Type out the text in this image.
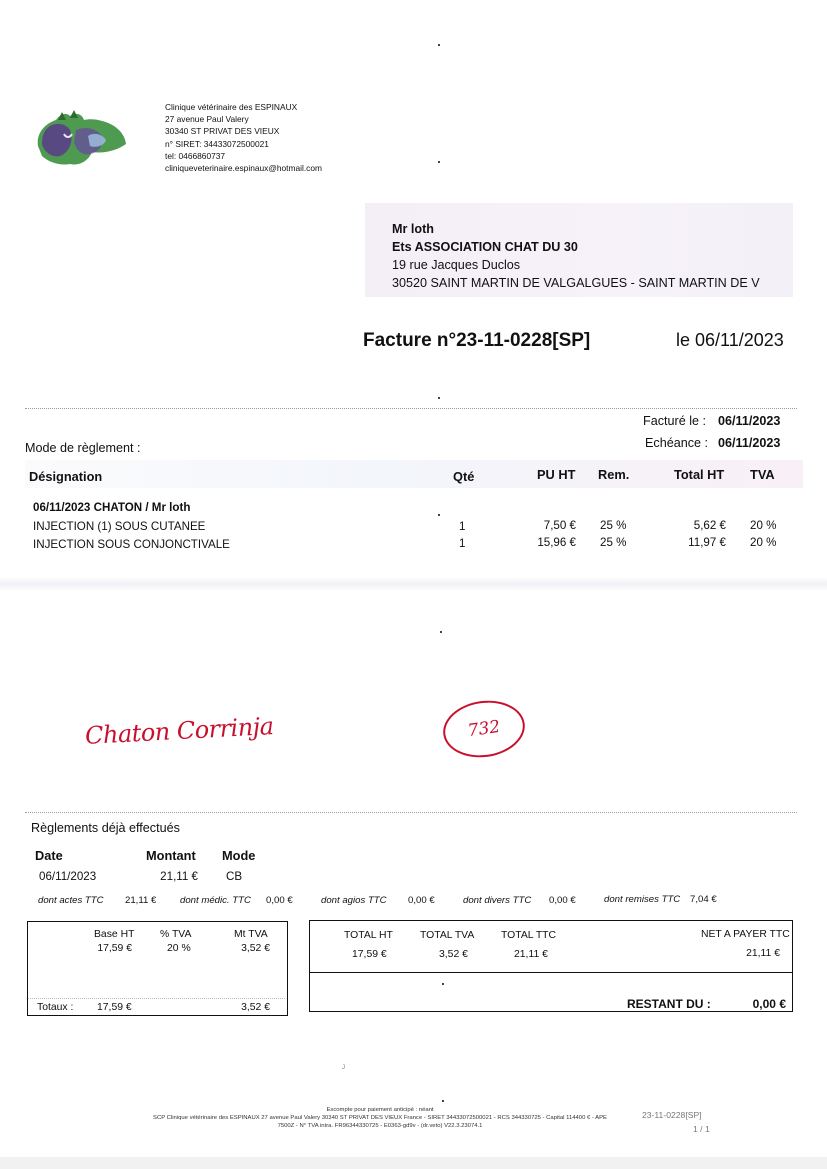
Clinique vétérinaire des ESPINAUX
27 avenue Paul Valery
30340 ST PRIVAT DES VIEUX
n° SIRET: 34433072500021
tel: 0466860737
cliniqueveterinaire.espinaux@hotmail.com
Mr loth
Ets ASSOCIATION CHAT DU 30
19 rue Jacques Duclos
30520 SAINT MARTIN DE VALGALGUES - SAINT MARTIN DE V
Facture n°23-11-0228[SP]	le 06/11/2023
Facturé le : 06/11/2023
Mode de règlement :	Echéance : 06/11/2023
Désignation	Qté	PU HT Rem.	Total HT TVA
06/11/2023 CHATON / Mr loth
INJECTION (1) SOUS CUTANEE	1	7,50 € 25 %	5,62 € 20 %
INJECTION SOUS CONJONCTIVALE	1	15,96 € 25 %	11,97 € 20 %
Chaton Corrinja	732
Règlements déjà effectués
Date	Montant Mode
06/11/2023	21,11 € CB
dont actes TTC 21,11 € dont médic. TTC 0,00 €	dont agios TTC 0,00 €	dont divers TTC 0,00 €	dont remises TTC 7,04 €
Base HT % TVA	Mt TVA
17,59 €	20 %	3,52 €
Totaux : 17,59 €	3,52 €
TOTAL HT	TOTAL TVA	TOTAL TTC	NET A PAYER TTC
17,59 €	3,52 €	21,11 €	21,11 €
RESTANT DU :	0,00 €
J
Escompte pour paiement anticipé : néant
SCP Clinique vétérinaire des ESPINAUX 27 avenue Paul Valery 30340 ST PRIVAT DES VIEUX France - SIRET 34433072500021 - RCS 344330725 - Capital 114400 € - APE
7500Z - N° TVA intra. FR96344330725 - E0363-gd9v - (dr.veto) V22.3.23074.1
23-11-0228[SP]
1 / 1
